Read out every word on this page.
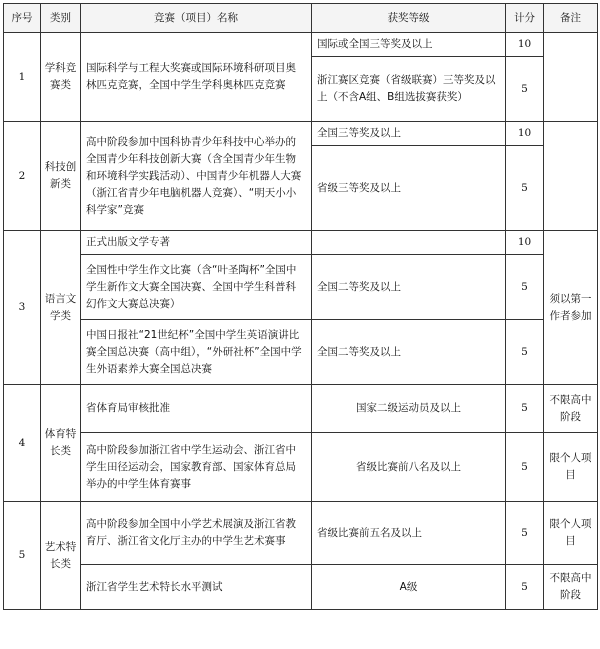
序号	类别	竞赛（项目）名称	获奖等级	计分	备注
1	学科竞赛类	国际科学与工程大奖赛或国际环境科研项目奥林匹克竞赛，全国中学生学科奥林匹克竞赛	国际或全国三等奖及以上	10	
			浙江赛区竞赛（省级联赛）三等奖及以上（不含A组、B组选拔赛获奖）	5	
2	科技创新类	高中阶段参加中国科协青少年科技中心举办的全国青少年科技创新大赛（含全国青少年生物和环境科学实践活动）、中国青少年机器人大赛（浙江省青少年电脑机器人竞赛）、“明天小小科学家”竞赛	全国三等奖及以上	10	
			省级三等奖及以上	5	
3	语言文学类	正式出版文学专著		10	须以第一作者参加
		全国性中学生作文比赛（含“叶圣陶杯”全国中学生新作文大赛全国决赛、全国中学生科普科幻作文大赛总决赛）	全国二等奖及以上	5	
		中国日报社“21世纪杯”全国中学生英语演讲比赛全国总决赛（高中组），“外研社杯”全国中学生外语素养大赛全国总决赛	全国二等奖及以上	5	
4	体育特长类	省体育局审核批准	国家二级运动员及以上	5	不限高中阶段
		高中阶段参加浙江省中学生运动会、浙江省中学生田径运动会，国家教育部、国家体育总局举办的中学生体育赛事	省级比赛前八名及以上	5	限个人项目
5	艺术特长类	高中阶段参加全国中小学艺术展演及浙江省教育厅、浙江省文化厅主办的中学生艺术赛事	省级比赛前五名及以上	5	限个人项目
		浙江省学生艺术特长水平测试	A级	5	不限高中阶段
